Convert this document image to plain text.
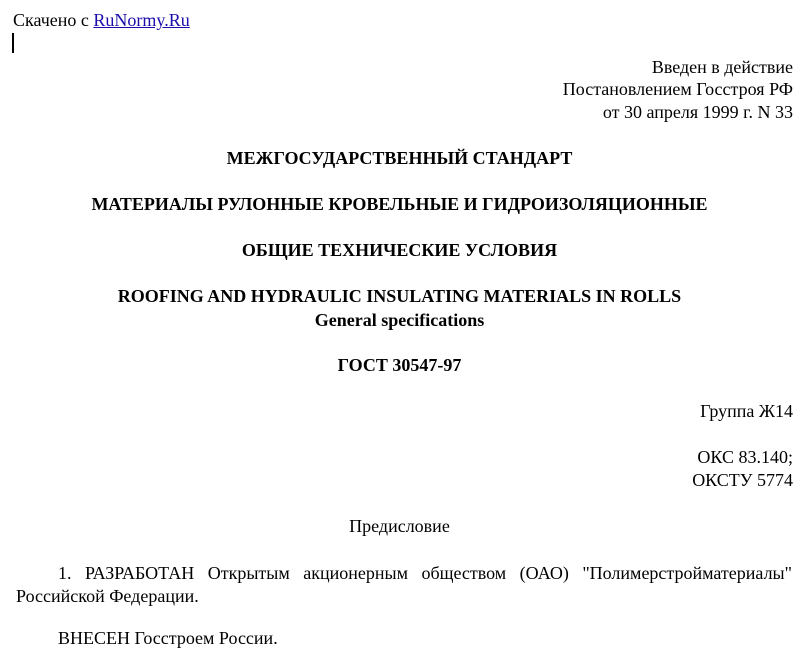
Скачено с RuNormy.Ru
Введен в действие
Постановлением Госстроя РФ
от 30 апреля 1999 г. N 33
МЕЖГОСУДАРСТВЕННЫЙ СТАНДАРТ
МАТЕРИАЛЫ РУЛОННЫЕ КРОВЕЛЬНЫЕ И ГИДРОИЗОЛЯЦИОННЫЕ
ОБЩИЕ ТЕХНИЧЕСКИЕ УСЛОВИЯ
ROOFING AND HYDRAULIC INSULATING MATERIALS IN ROLLS
General specifications
ГОСТ 30547-97
Группа Ж14
ОКС 83.140;
ОКСТУ 5774
Предисловие
1. РАЗРАБОТАН Открытым акционерным обществом (ОАО) "Полимерстройматериалы" Российской Федерации.
ВНЕСЕН Госстроем России.
